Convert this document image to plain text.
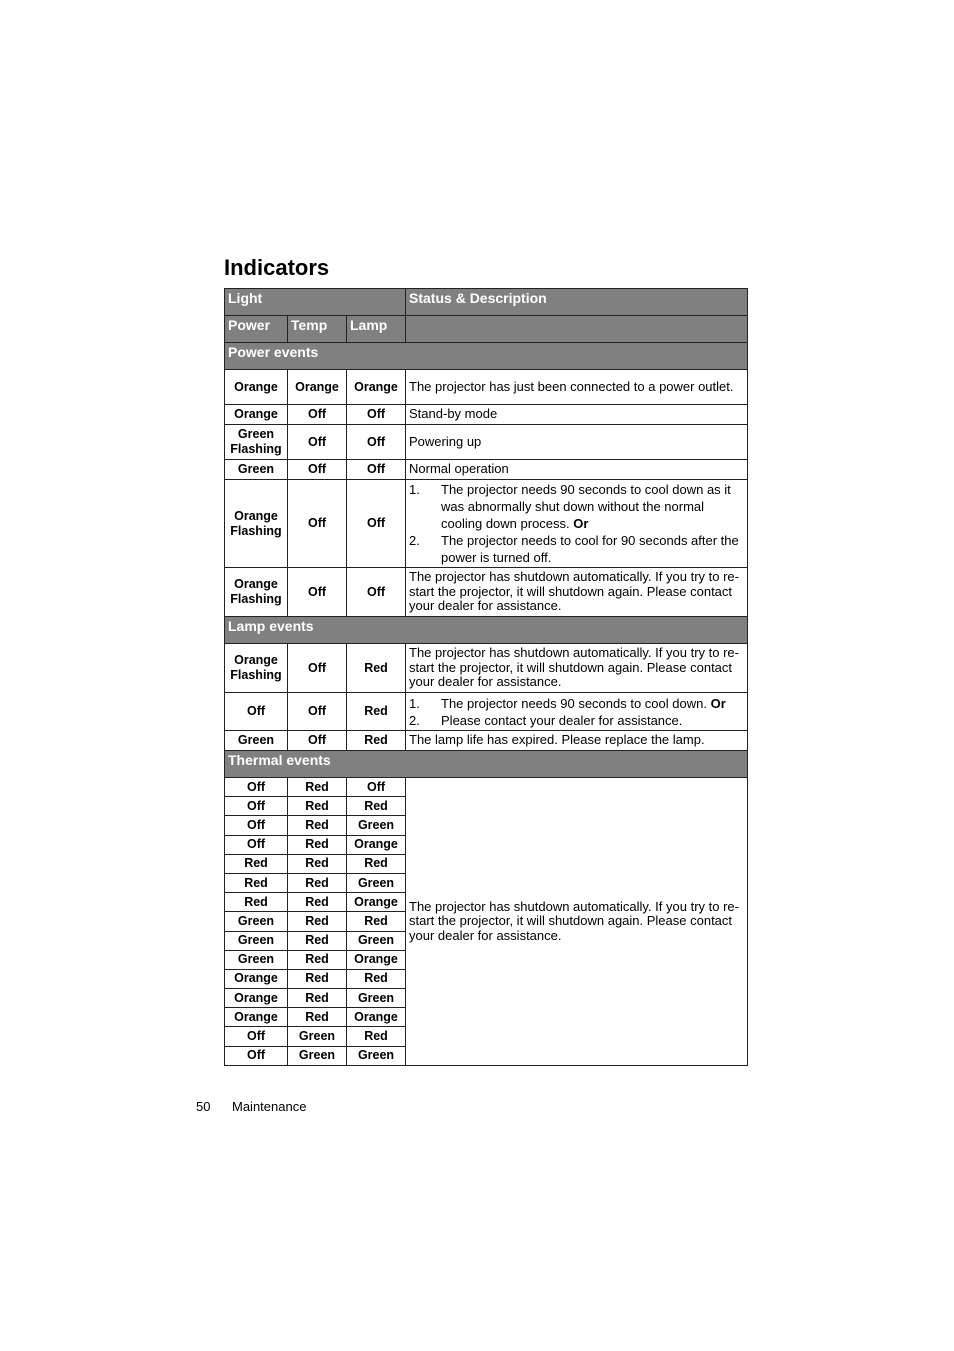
Indicators
Light			Status & Description
Power	Temp	Lamp	
Power events			
Orange	Orange	Orange	The projector has just been connected to a power outlet.
Orange	Off	Off	Stand-by mode
Green Flashing	Off	Off	Powering up
Green	Off	Off	Normal operation
Orange Flashing	Off	Off	1. The projector needs 90 seconds to cool down as it was abnormally shut down without the normal cooling down process. Or
2. The projector needs to cool for 90 seconds after the power is turned off.

Orange Flashing	Off	Off	The projector has shutdown automatically. If you try to re-start the projector, it will shutdown again. Please contact your dealer for assistance.
Lamp events			
Orange Flashing	Off	Red	The projector has shutdown automatically. If you try to re-start the projector, it will shutdown again. Please contact your dealer for assistance.
Off	Off	Red	1. The projector needs 90 seconds to cool down. Or
2. Please contact your dealer for assistance.

Green	Off	Red	The lamp life has expired. Please replace the lamp.
Thermal events			
Off	Red	Off	The projector has shutdown automatically. If you try to re-start the projector, it will shutdown again. Please contact your dealer for assistance.
Off	Red	Red	
Off	Red	Green	
Off	Red	Orange	
Red	Red	Red	
Red	Red	Green	
Red	Red	Orange	
Green	Red	Red	
Green	Red	Green	
Green	Red	Orange	
Orange	Red	Red	
Orange	Red	Green	
Orange	Red	Orange	
Off	Green	Red	
Off	Green	Green	
50 Maintenance
